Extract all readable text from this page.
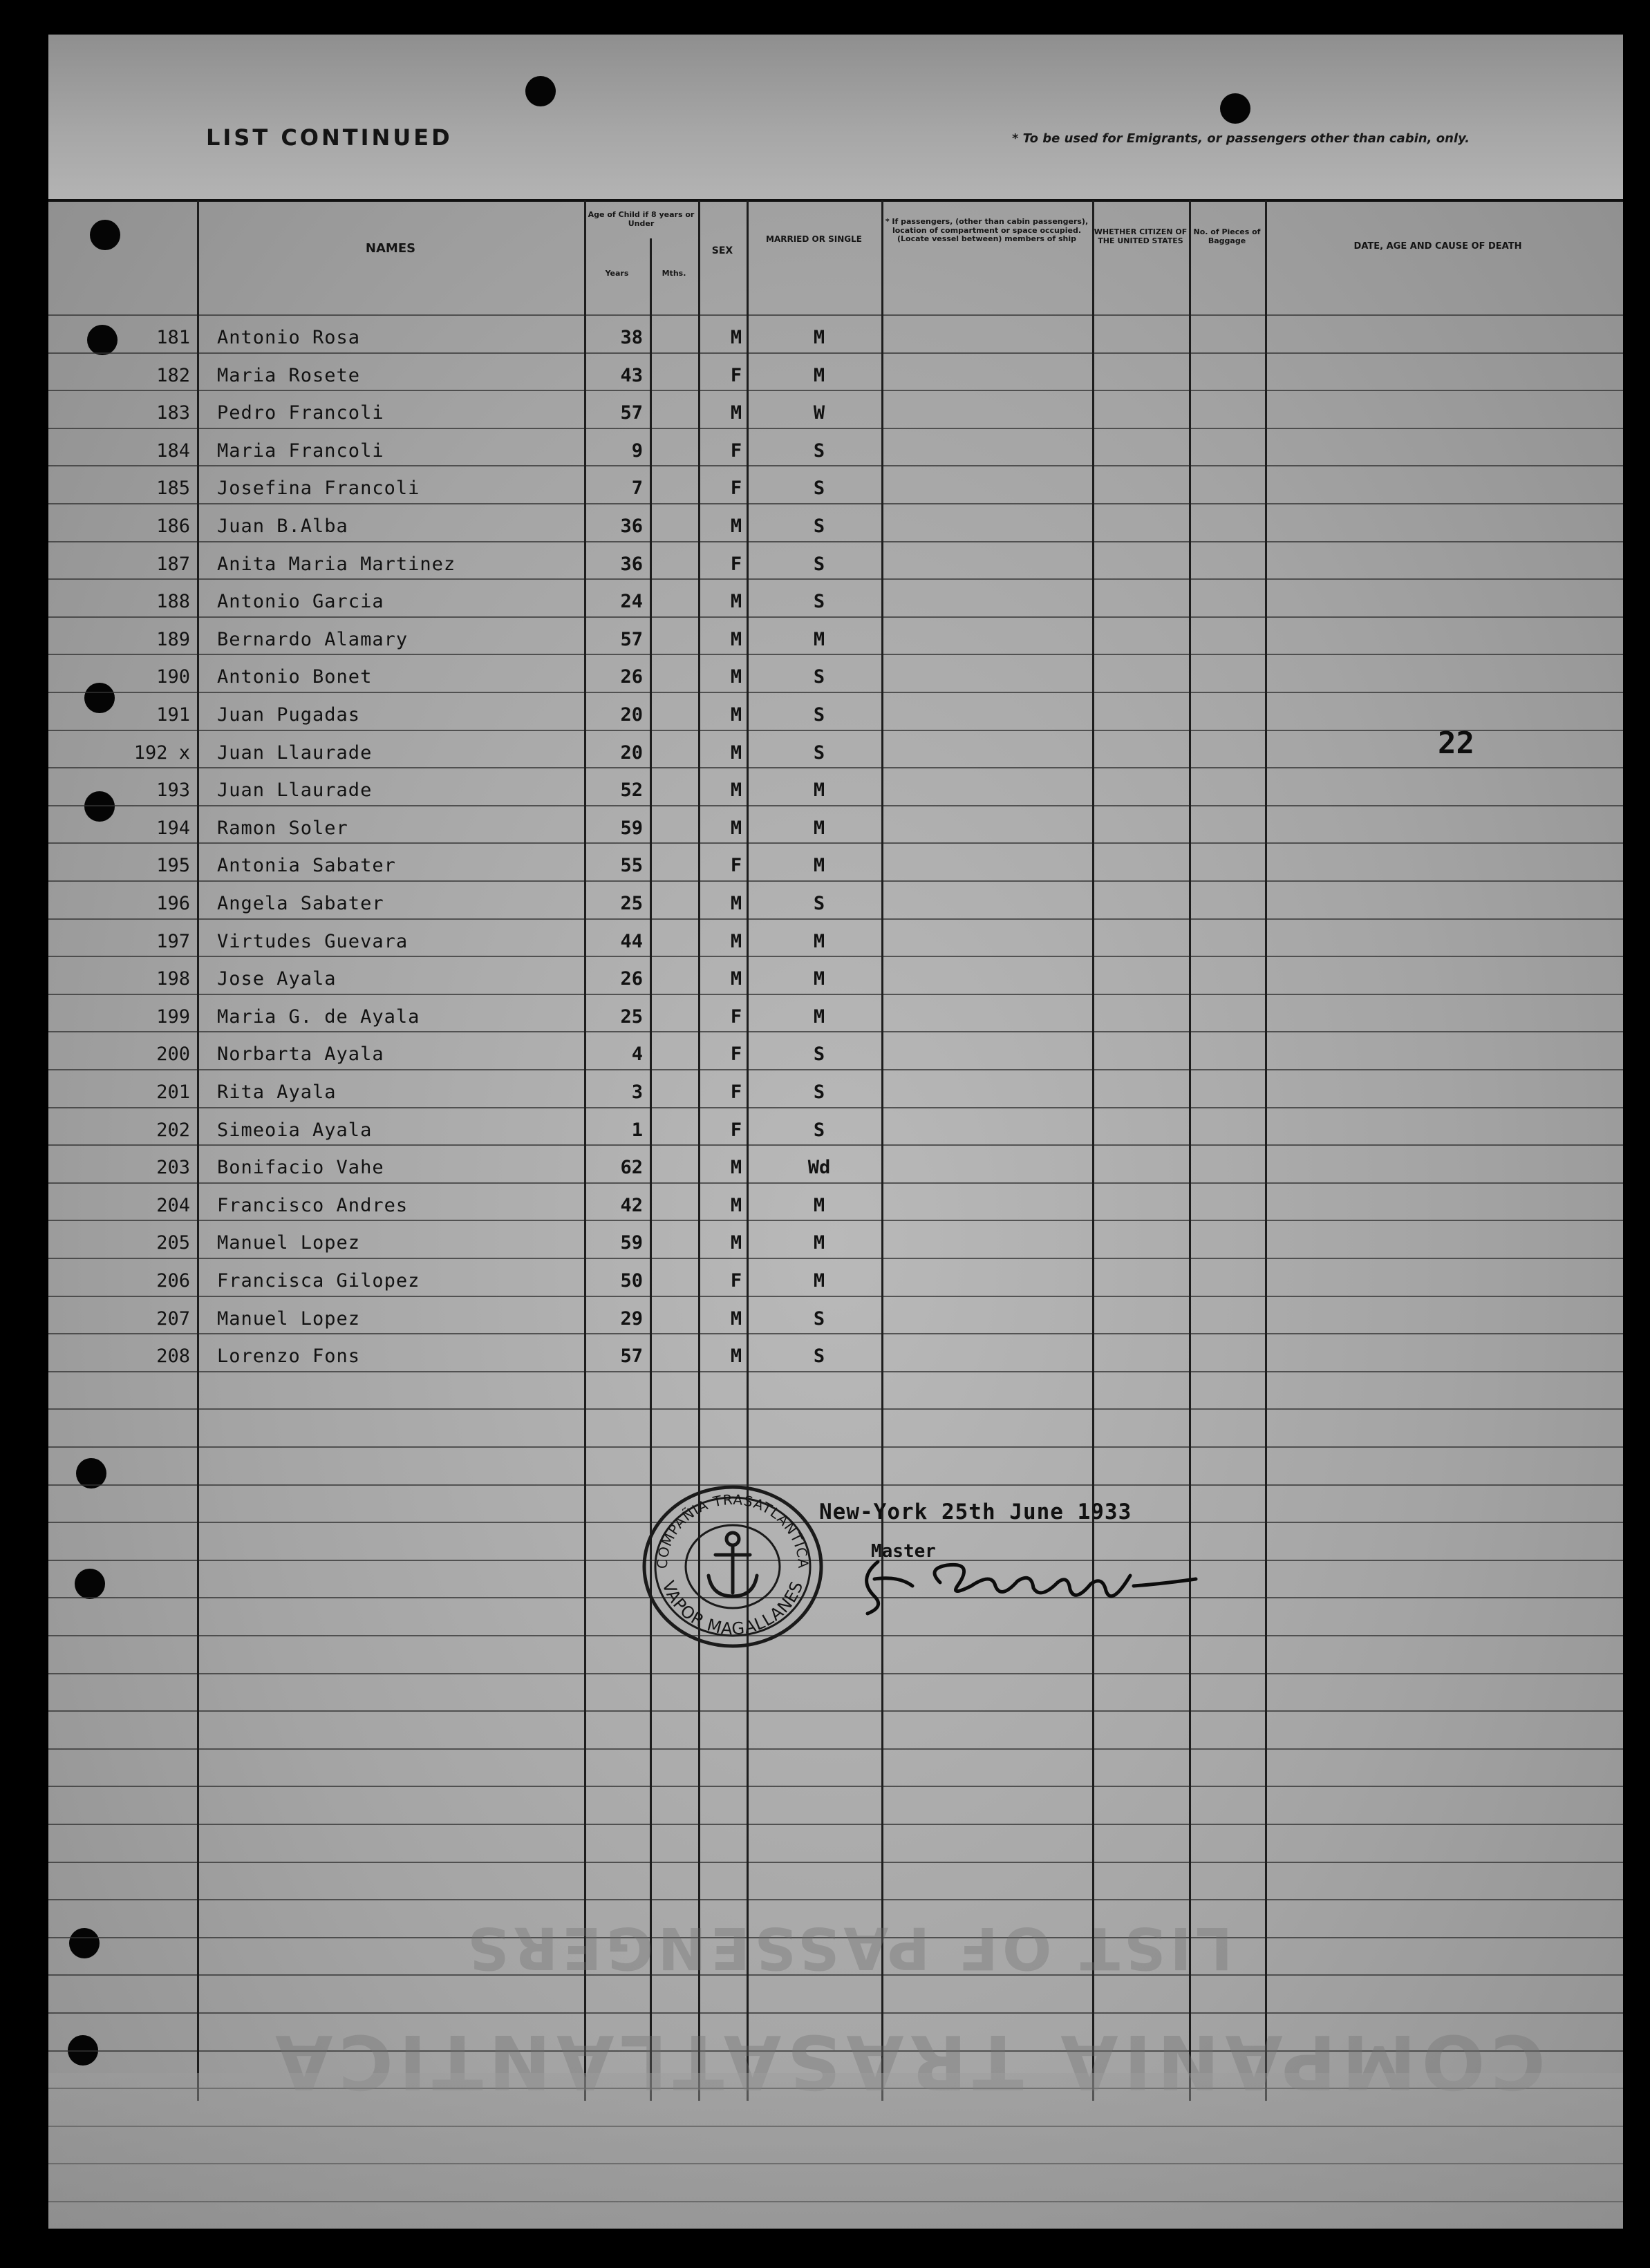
LIST CONTINUED	* To be used for Emigrants, or passengers other than cabin, only.
NAMES
Age of Child if 8 years or Under
Years	Mths.
SEX
MARRIED OR SINGLE
* If passengers, (other than cabin passengers), location of compartment or space occupied. (Locate vessel between) members of ship
WHETHER CITIZEN OF THE UNITED STATES
No. of Pieces of Baggage
DATE, AGE AND CAUSE OF DEATH
181 Antonio Rosa	38	M	M
182 Maria Rosete	43	F	M
183 Pedro Francoli	57	M	W
184 Maria Francoli	9	F	S
185 Josefina Francoli	7	F	S
186 Juan B.Alba	36	M	S
187 Anita Maria Martinez	36	F	S
188 Antonio Garcia	24	M	S
189 Bernardo Alamary	57	M	M
190 Antonio Bonet	26	M	S
191 Juan Pugadas	20	M	S
192 x Juan Llaurade	20	M	S
193 Juan Llaurade	52	M	M
194 Ramon Soler	59	M	M
195 Antonia Sabater	55	F	M
196 Angela Sabater	25	M	S
197 Virtudes Guevara	44	M	M
198 Jose Ayala	26	M	M
199 Maria G. de Ayala	25	F	M
200 Norbarta Ayala	4	F	S
201 Rita Ayala	3	F	S
202 Simeoia Ayala	1	F	S
203 Bonifacio Vahe	62	M	Wd
204 Francisco Andres	42	M	M
205 Manuel Lopez	59	M	M
206 Francisca Gilopez	50	F	M
207 Manuel Lopez	29	M	S
208 Lorenzo Fons	57	M	S
22
COMPAÑIA TRASATLANTICA
VAPOR MAGALLANES
New-York 25th June 1933
Master
LIST OF PASSENGERS
COMPANIA TRASATLANTICA
